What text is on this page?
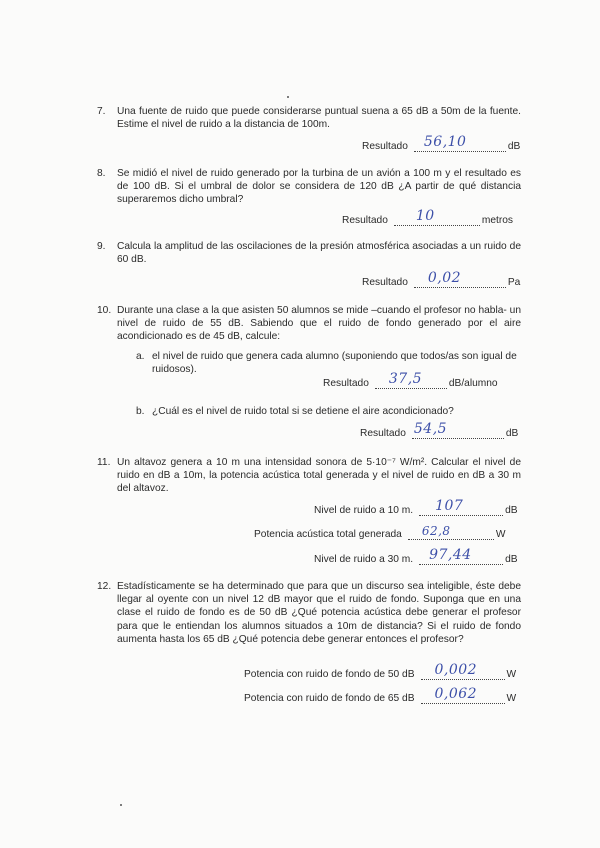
7. Una fuente de ruido que puede considerarse puntual suena a 65 dB a 50m de la fuente. Estime el nivel de ruido a la distancia de 100m.
Resultado 56,10	dB
8. Se midió el nivel de ruido generado por la turbina de un avión a 100 m y el resultado es de 100 dB. Si el umbral de dolor se considera de 120 dB ¿A partir de qué distancia superaremos dicho umbral?
Resultado 10	metros
9. Calcula la amplitud de las oscilaciones de la presión atmosférica asociadas a un ruido de 60 dB.
Resultado 0,02	Pa
10. Durante una clase a la que asisten 50 alumnos se mide –cuando el profesor no habla- un nivel de ruido de 55 dB. Sabiendo que el ruido de fondo generado por el aire acondicionado es de 45 dB, calcule:
a. el nivel de ruido que genera cada alumno (suponiendo que todos/as son igual de ruidosos).
Resultado 37,5	dB/alumno
b. ¿Cuál es el nivel de ruido total si se detiene el aire acondicionado?
Resultado 54,5	dB
11. Un altavoz genera a 10 m una intensidad sonora de 5·10⁻⁷ W/m². Calcular el nivel de ruido en dB a 10m, la potencia acústica total generada y el nivel de ruido en dB a 30 m del altavoz.
Nivel de ruido a 10 m. 107	dB
Potencia acústica total generada 62,8	W
Nivel de ruido a 30 m. 97,44	dB
12. Estadísticamente se ha determinado que para que un discurso sea inteligible, éste debe llegar al oyente con un nivel 12 dB mayor que el ruido de fondo. Suponga que en una clase el ruido de fondo es de 50 dB ¿Qué potencia acústica debe generar el profesor para que le entiendan los alumnos situados a 10m de distancia? Si el ruido de fondo aumenta hasta los 65 dB ¿Qué potencia debe generar entonces el profesor?
Potencia con ruido de fondo de 50 dB 0,002	W
Potencia con ruido de fondo de 65 dB 0,062	W
